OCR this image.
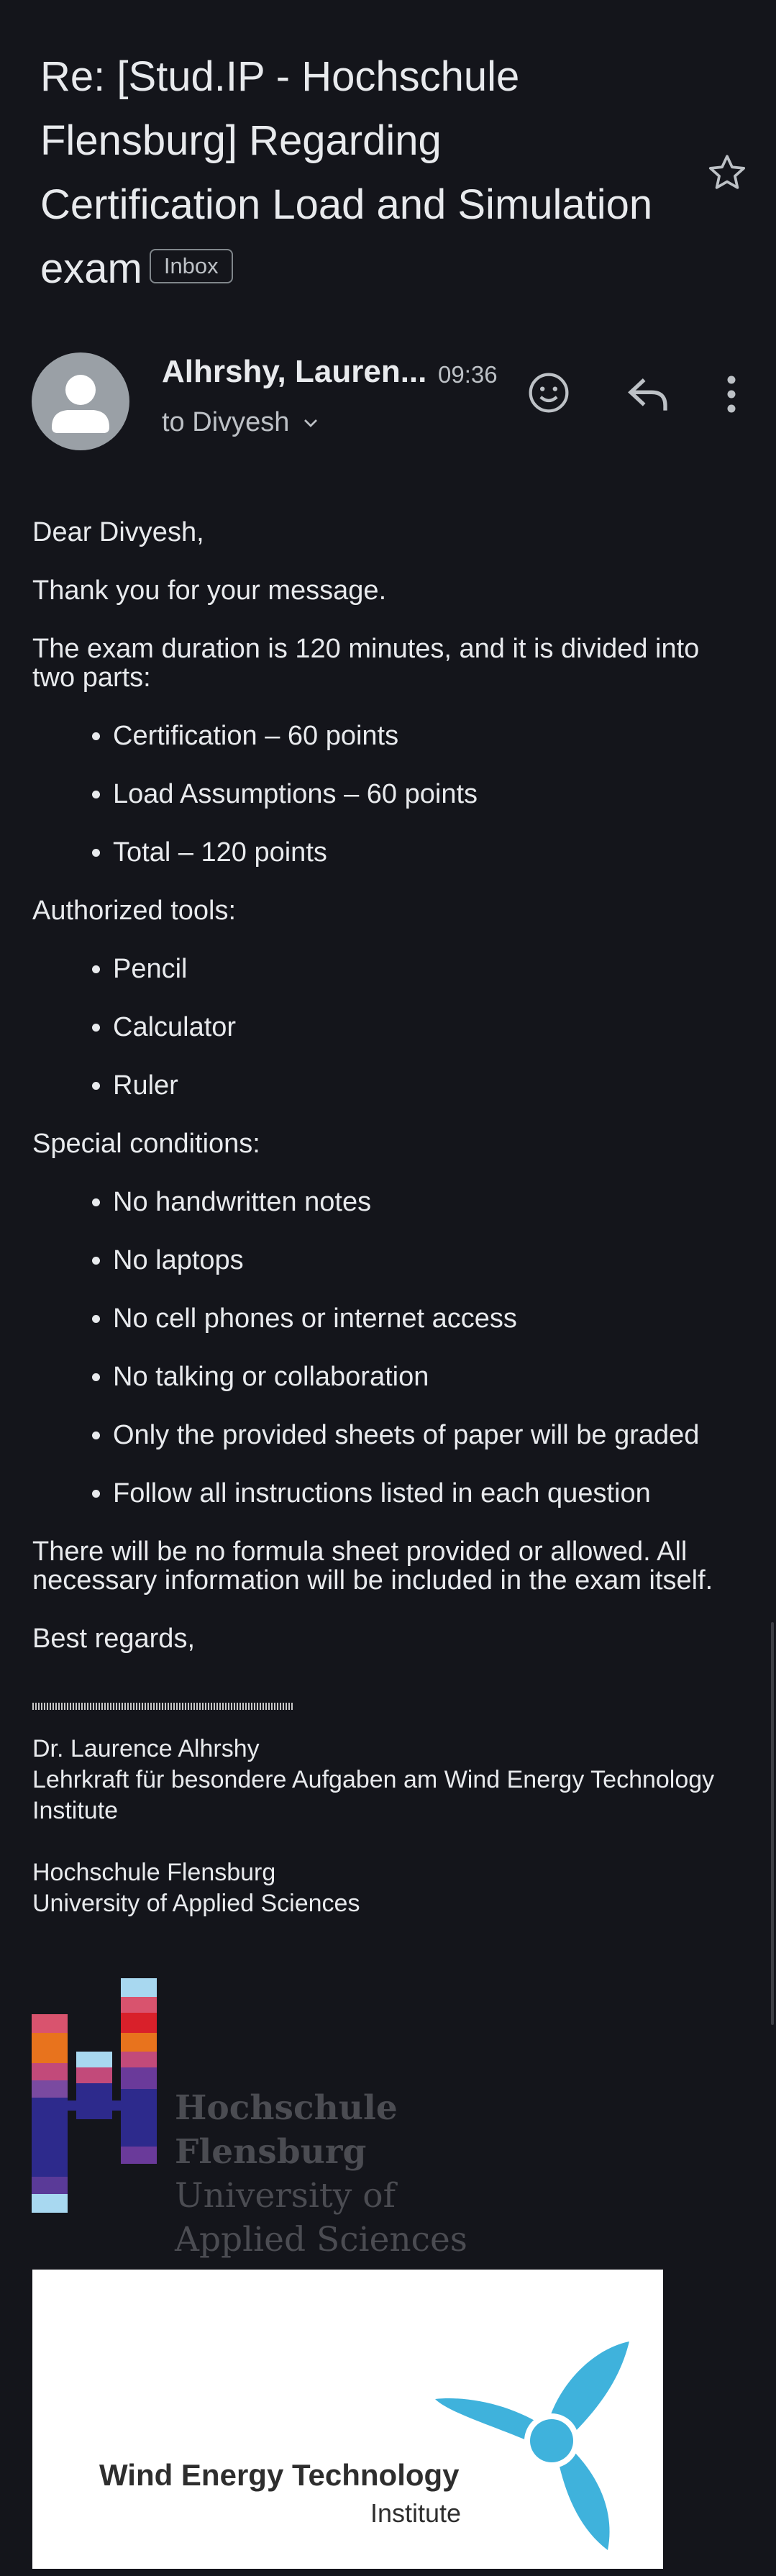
Re: [Stud.IP - Hochschule Flensburg] Regarding Certification Load and Simulation exam Inbox
Alhrshy, Lauren... 09:36
to Divyesh

Dear Divyesh,

Thank you for your message.

The exam duration is 120 minutes, and it is divided into two parts:

• Certification – 60 points
• Load Assumptions – 60 points
• Total – 120 points

Authorized tools:

• Pencil
• Calculator
• Ruler

Special conditions:

• No handwritten notes
• No laptops
• No cell phones or internet access
• No talking or collaboration
• Only the provided sheets of paper will be graded
• Follow all instructions listed in each question

There will be no formula sheet provided or allowed. All necessary information will be included in the exam itself.

Best regards,

Dr. Laurence Alhrshy
Lehrkraft für besondere Aufgaben am Wind Energy Technology Institute
Hochschule Flensburg
University of Applied Sciences
Hochschule
Flensburg
University of
Applied Sciences
Wind Energy Technology
Institute
